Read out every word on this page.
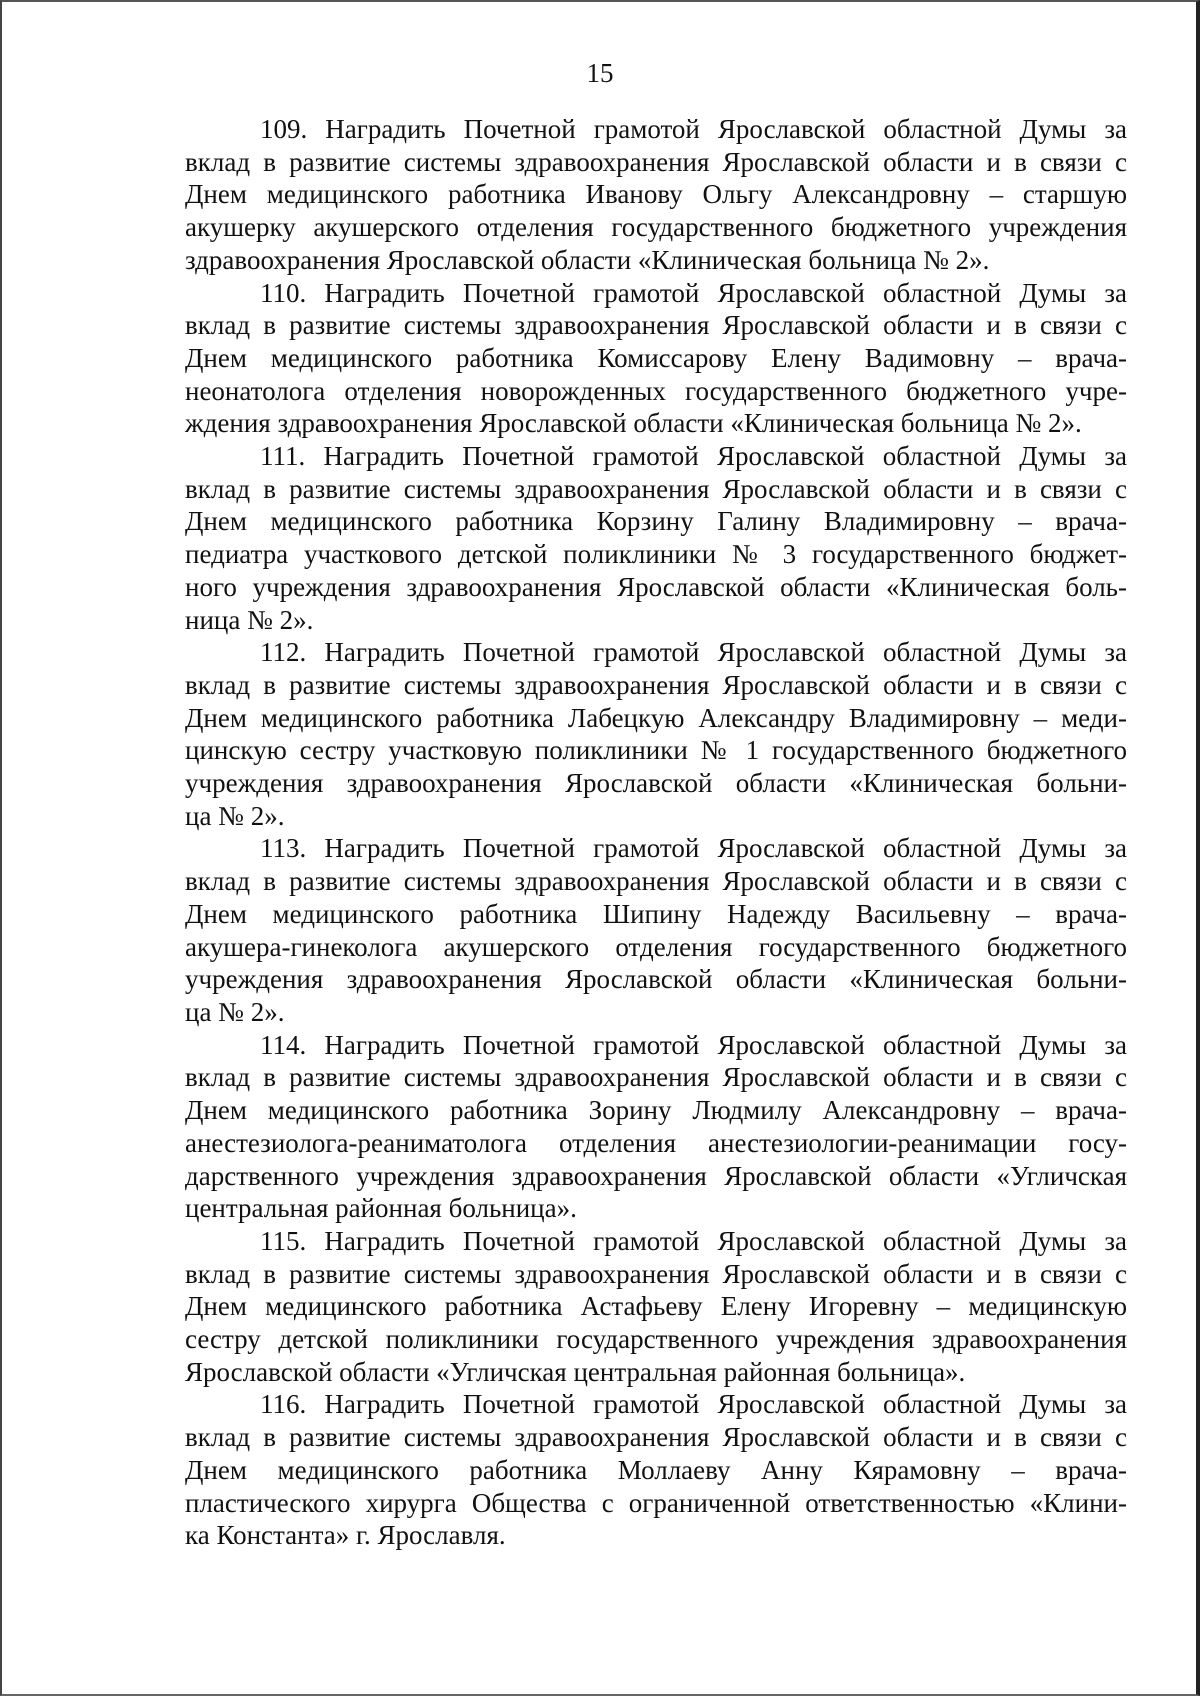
15

109. Наградить Почетной грамотой Ярославской областной Думы за
вклад в развитие системы здравоохранения Ярославской области и в связи с
Днем медицинского работника Иванову Ольгу Александровну – старшую
акушерку акушерского отделения государственного бюджетного учреждения
здравоохранения Ярославской области «Клиническая больница № 2».

110. Наградить Почетной грамотой Ярославской областной Думы за
вклад в развитие системы здравоохранения Ярославской области и в связи с
Днем медицинского работника Комиссарову Елену Вадимовну – врача-
неонатолога отделения новорожденных государственного бюджетного учре-
ждения здравоохранения Ярославской области «Клиническая больница № 2».

111. Наградить Почетной грамотой Ярославской областной Думы за
вклад в развитие системы здравоохранения Ярославской области и в связи с
Днем медицинского работника Корзину Галину Владимировну – врача-
педиатра участкового детской поликлиники № 3 государственного бюджет-
ного учреждения здравоохранения Ярославской области «Клиническая боль-
ница № 2».

112. Наградить Почетной грамотой Ярославской областной Думы за
вклад в развитие системы здравоохранения Ярославской области и в связи с
Днем медицинского работника Лабецкую Александру Владимировну – меди-
цинскую сестру участковую поликлиники № 1 государственного бюджетного
учреждения здравоохранения Ярославской области «Клиническая больни-
ца № 2».

113. Наградить Почетной грамотой Ярославской областной Думы за
вклад в развитие системы здравоохранения Ярославской области и в связи с
Днем медицинского работника Шипину Надежду Васильевну – врача-
акушера-гинеколога акушерского отделения государственного бюджетного
учреждения здравоохранения Ярославской области «Клиническая больни-
ца № 2».

114. Наградить Почетной грамотой Ярославской областной Думы за
вклад в развитие системы здравоохранения Ярославской области и в связи с
Днем медицинского работника Зорину Людмилу Александровну – врача-
анестезиолога-реаниматолога отделения анестезиологии-реанимации госу-
дарственного учреждения здравоохранения Ярославской области «Угличская
центральная районная больница».

115. Наградить Почетной грамотой Ярославской областной Думы за
вклад в развитие системы здравоохранения Ярославской области и в связи с
Днем медицинского работника Астафьеву Елену Игоревну – медицинскую
сестру детской поликлиники государственного учреждения здравоохранения
Ярославской области «Угличская центральная районная больница».

116. Наградить Почетной грамотой Ярославской областной Думы за
вклад в развитие системы здравоохранения Ярославской области и в связи с
Днем медицинского работника Моллаеву Анну Кярамовну – врача-
пластического хирурга Общества с ограниченной ответственностью «Клини-
ка Константа» г. Ярославля.
